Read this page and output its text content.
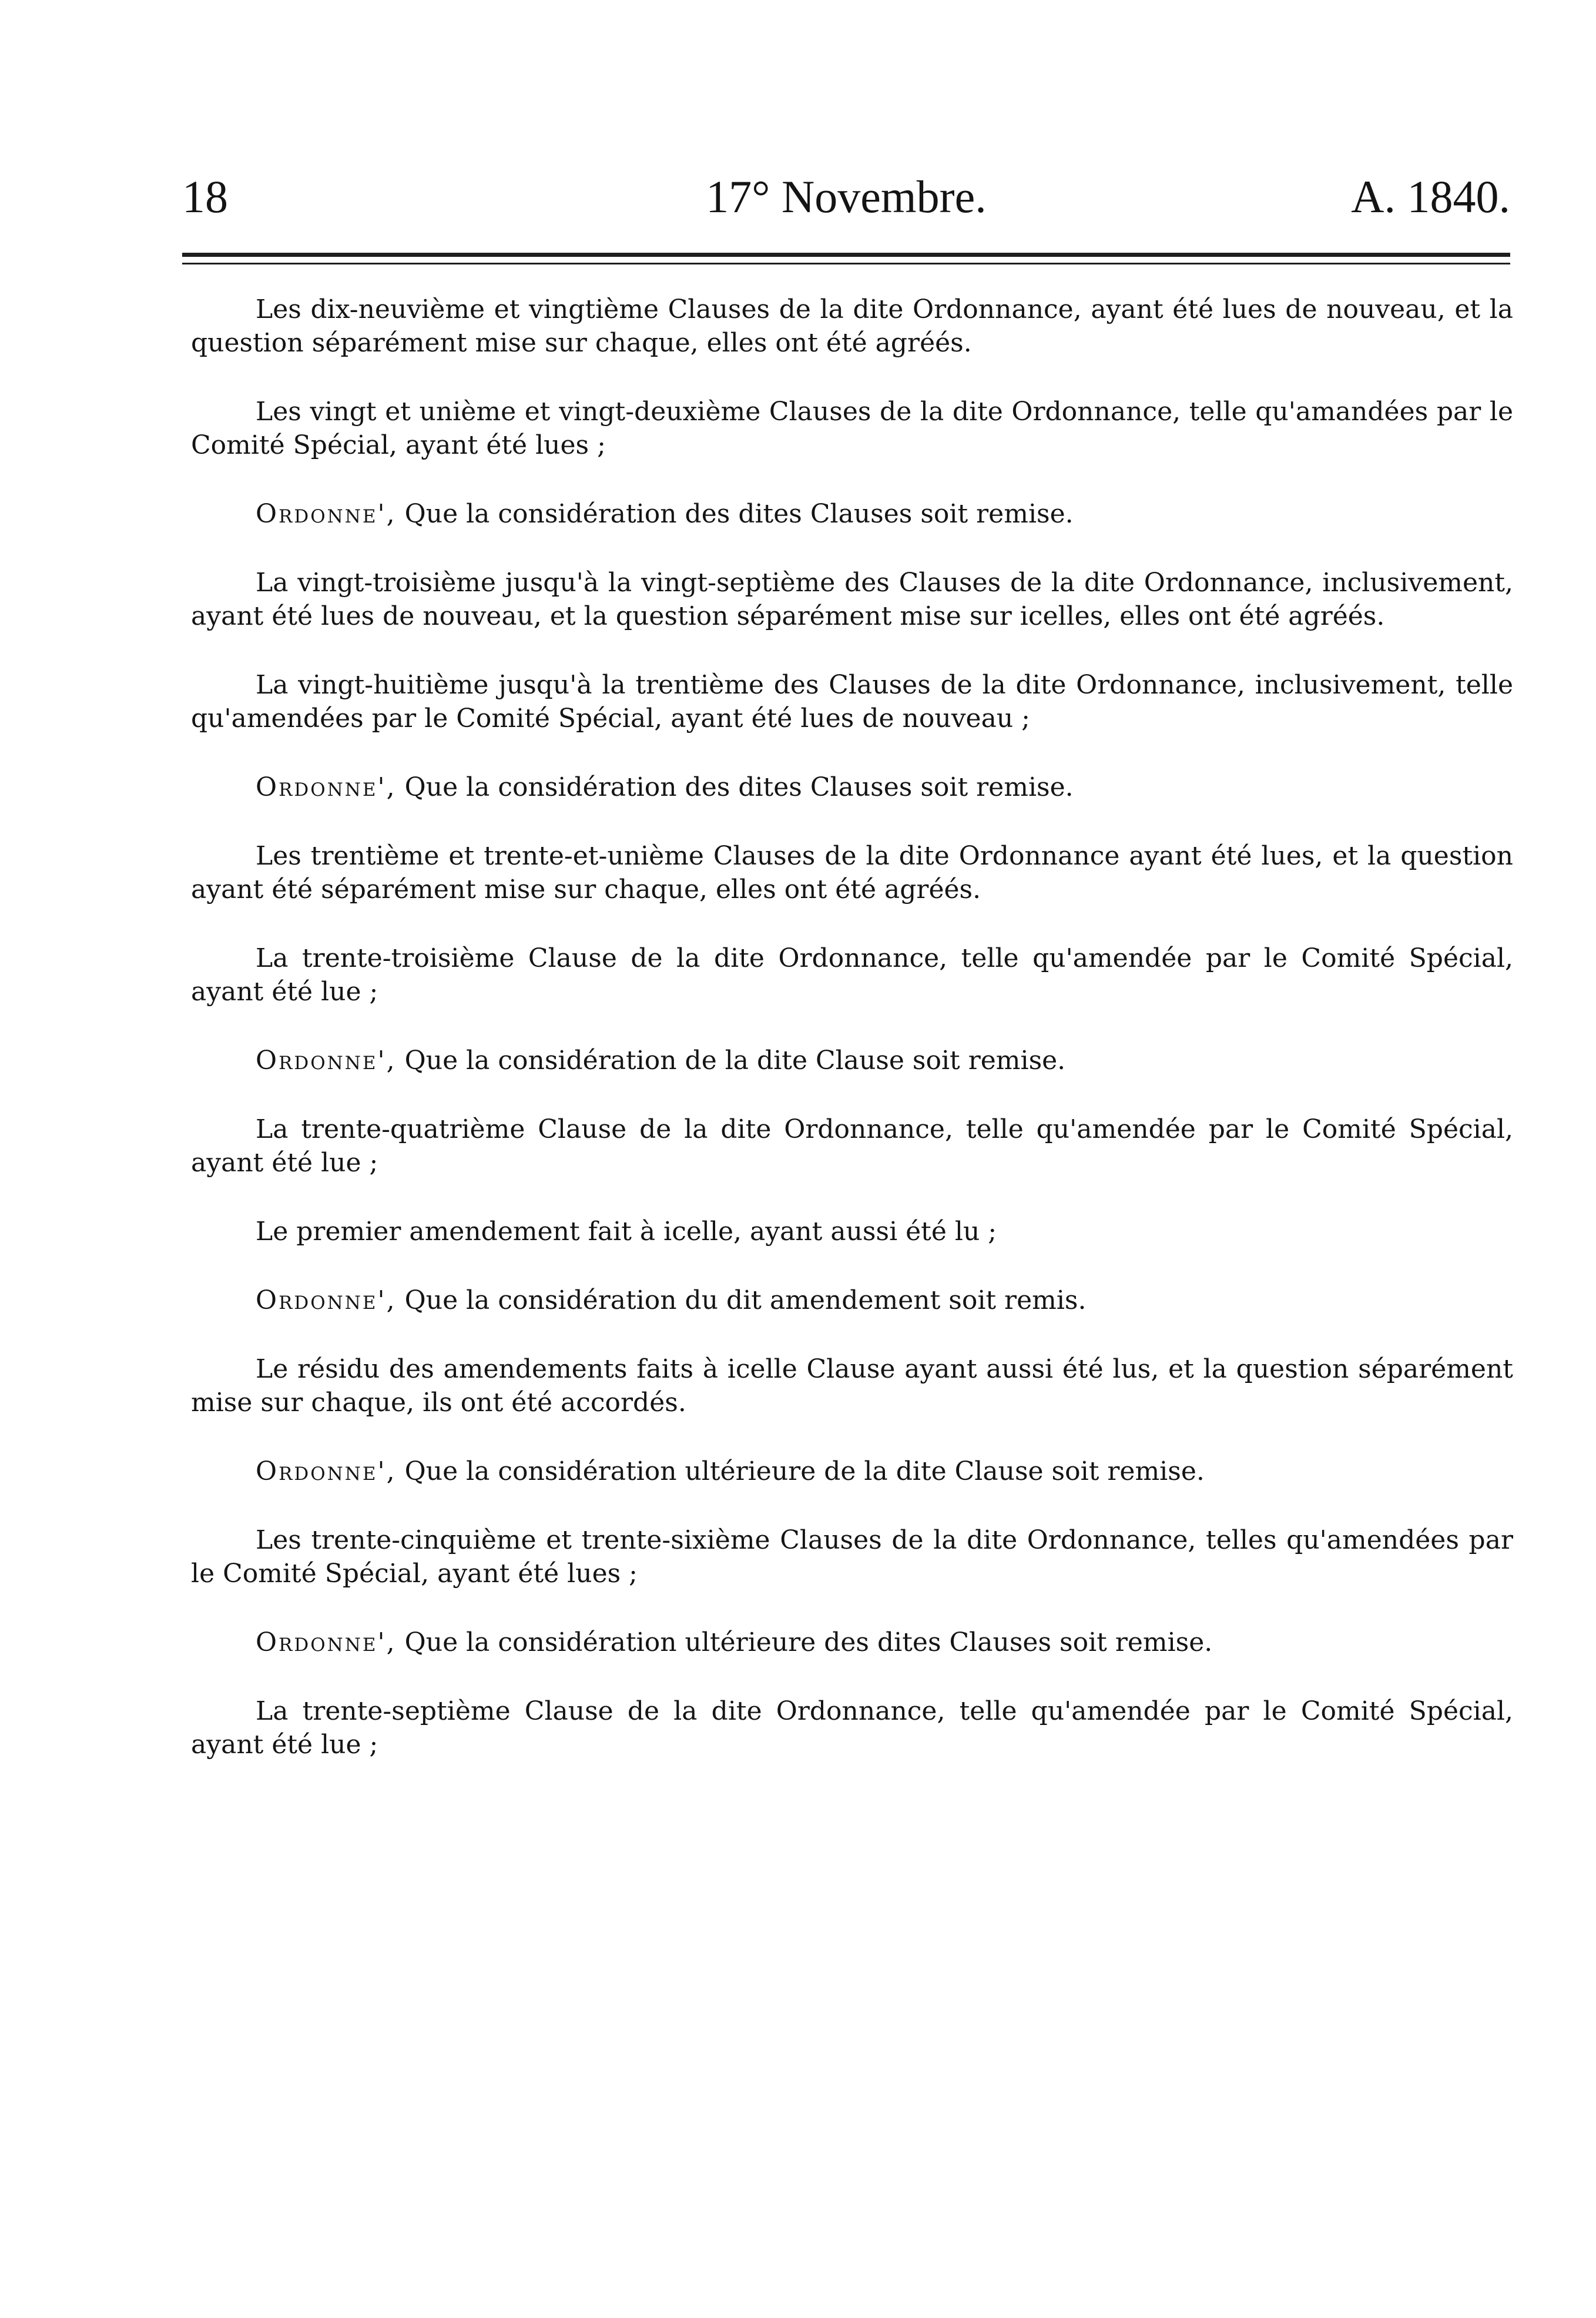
18	17° Novembre.	A. 1840.

Les dix-neuvième et vingtième Clauses de la dite Ordonnance, ayant été lues de nouveau, et la question séparément mise sur chaque, elles ont été agréés.

Les vingt et unième et vingt-deuxième Clauses de la dite Ordonnance, telle qu'amandées par le Comité Spécial, ayant été lues ;

Ordonne', Que la considération des dites Clauses soit remise.

La vingt-troisième jusqu'à la vingt-septième des Clauses de la dite Ordonnance, inclusivement, ayant été lues de nouveau, et la question séparément mise sur icelles, elles ont été agréés.

La vingt-huitième jusqu'à la trentième des Clauses de la dite Ordonnance, inclusivement, telle qu'amendées par le Comité Spécial, ayant été lues de nouveau ;

Ordonne', Que la considération des dites Clauses soit remise.

Les trentième et trente-et-unième Clauses de la dite Ordonnance ayant été lues, et la question ayant été séparément mise sur chaque, elles ont été agréés.

La trente-troisième Clause de la dite Ordonnance, telle qu'amendée par le Comité Spécial, ayant été lue ;

Ordonne', Que la considération de la dite Clause soit remise.

La trente-quatrième Clause de la dite Ordonnance, telle qu'amendée par le Comité Spécial, ayant été lue ;

Le premier amendement fait à icelle, ayant aussi été lu ;

Ordonne', Que la considération du dit amendement soit remis.

Le résidu des amendements faits à icelle Clause ayant aussi été lus, et la question séparément mise sur chaque, ils ont été accordés.

Ordonne', Que la considération ultérieure de la dite Clause soit remise.

Les trente-cinquième et trente-sixième Clauses de la dite Ordonnance, telles qu'amendées par le Comité Spécial, ayant été lues ;

Ordonne', Que la considération ultérieure des dites Clauses soit remise.

La trente-septième Clause de la dite Ordonnance, telle qu'amendée par le Comité Spécial, ayant été lue ;
